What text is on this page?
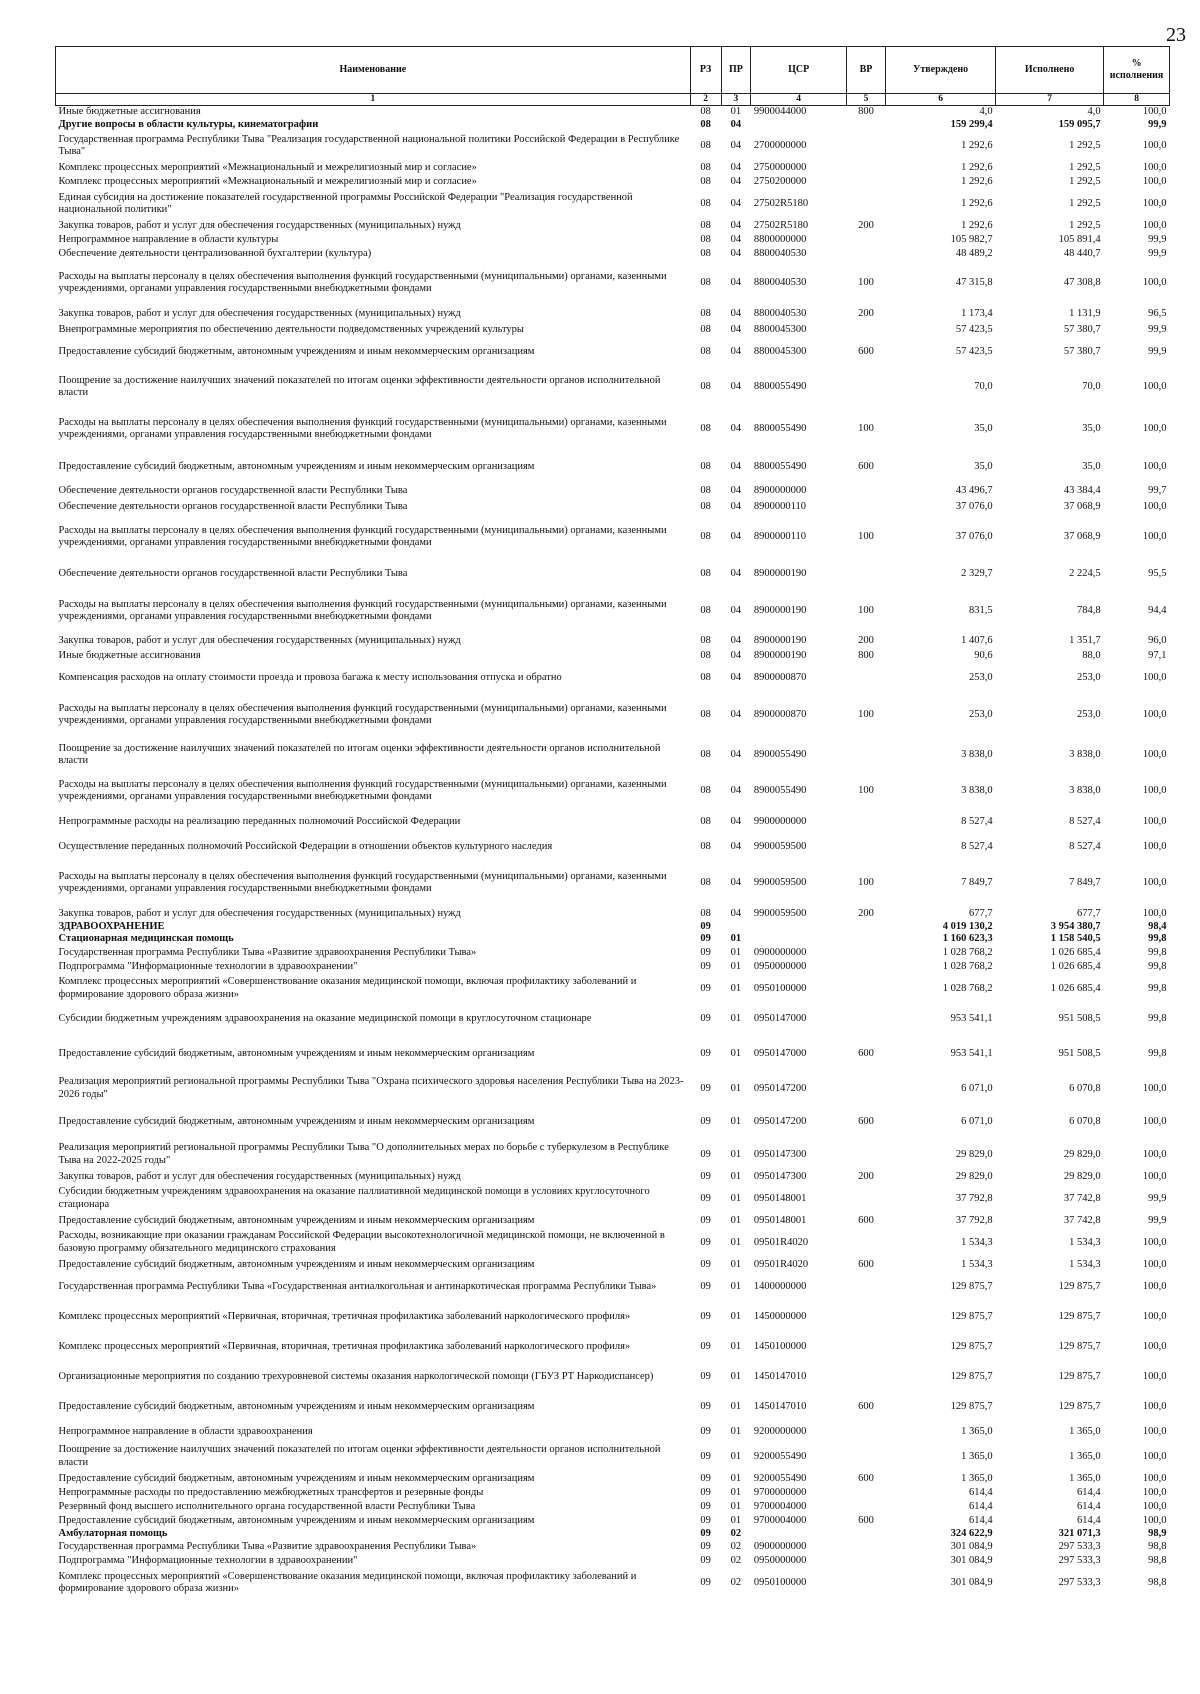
23
Наименование	РЗ	ПР	ЦСР	ВР	Утверждено	Исполнено	% исполнения
1	2	3	4	5	6	7	8
Иные бюджетные ассигнования	08	01	9900044000	800	4,0	4,0	100,0
Другие вопросы в области культуры, кинематографии	08	04			159 299,4	159 095,7	99,9
Государственная программа Республики Тыва "Реализация государственной национальной политики Российской Федерации в Республике Тыва"	08	04	2700000000		1 292,6	1 292,5	100,0
Комплекс процессных мероприятий «Межнациональный и межрелигиозный мир и согласие»	08	04	2750000000		1 292,6	1 292,5	100,0
Комплекс процессных мероприятий «Межнациональный и межрелигиозный мир и согласие»	08	04	2750200000		1 292,6	1 292,5	100,0
Единая субсидия на достижение показателей государственной программы Российской Федерации "Реализация государственной национальной политики"	08	04	27502R5180		1 292,6	1 292,5	100,0
Закупка товаров, работ и услуг для обеспечения государственных (муниципальных) нужд	08	04	27502R5180	200	1 292,6	1 292,5	100,0
Непрограммное направление в области культуры	08	04	8800000000		105 982,7	105 891,4	99,9
Обеспечение деятельности централизованной бухгалтерии (культура)	08	04	8800040530		48 489,2	48 440,7	99,9
Расходы на выплаты персоналу в целях обеспечения выполнения функций государственными (муниципальными) органами, казенными учреждениями, органами управления государственными внебюджетными фондами	08	04	8800040530	100	47 315,8	47 308,8	100,0
Закупка товаров, работ и услуг для обеспечения государственных (муниципальных) нужд	08	04	8800040530	200	1 173,4	1 131,9	96,5
Внепрограммные мероприятия по обеспечению деятельности подведомственных учреждений культуры	08	04	8800045300		57 423,5	57 380,7	99,9
Предоставление субсидий бюджетным, автономным учреждениям и иным некоммерческим организациям	08	04	8800045300	600	57 423,5	57 380,7	99,9
Поощрение за достижение наилучших значений показателей по итогам оценки эффективности деятельности органов исполнительной власти	08	04	8800055490		70,0	70,0	100,0
Расходы на выплаты персоналу в целях обеспечения выполнения функций государственными (муниципальными) органами, казенными учреждениями, органами управления государственными внебюджетными фондами	08	04	8800055490	100	35,0	35,0	100,0
Предоставление субсидий бюджетным, автономным учреждениям и иным некоммерческим организациям	08	04	8800055490	600	35,0	35,0	100,0
Обеспечение деятельности органов государственной власти Республики Тыва	08	04	8900000000		43 496,7	43 384,4	99,7
Обеспечение деятельности органов государственной власти Республики Тыва	08	04	8900000110		37 076,0	37 068,9	100,0
Расходы на выплаты персоналу в целях обеспечения выполнения функций государственными (муниципальными) органами, казенными учреждениями, органами управления государственными внебюджетными фондами	08	04	8900000110	100	37 076,0	37 068,9	100,0
Обеспечение деятельности органов государственной власти Республики Тыва	08	04	8900000190		2 329,7	2 224,5	95,5
Расходы на выплаты персоналу в целях обеспечения выполнения функций государственными (муниципальными) органами, казенными учреждениями, органами управления государственными внебюджетными фондами	08	04	8900000190	100	831,5	784,8	94,4
Закупка товаров, работ и услуг для обеспечения государственных (муниципальных) нужд	08	04	8900000190	200	1 407,6	1 351,7	96,0
Иные бюджетные ассигнования	08	04	8900000190	800	90,6	88,0	97,1
Компенсация расходов на оплату стоимости проезда и провоза багажа к месту использования отпуска и обратно	08	04	8900000870		253,0	253,0	100,0
Расходы на выплаты персоналу в целях обеспечения выполнения функций государственными (муниципальными) органами, казенными учреждениями, органами управления государственными внебюджетными фондами	08	04	8900000870	100	253,0	253,0	100,0
Поощрение за достижение наилучших значений показателей по итогам оценки эффективности деятельности органов исполнительной власти	08	04	8900055490		3 838,0	3 838,0	100,0
Расходы на выплаты персоналу в целях обеспечения выполнения функций государственными (муниципальными) органами, казенными учреждениями, органами управления государственными внебюджетными фондами	08	04	8900055490	100	3 838,0	3 838,0	100,0
Непрограммные расходы на реализацию переданных полномочий Российской Федерации	08	04	9900000000		8 527,4	8 527,4	100,0
Осуществление переданных полномочий Российской Федерации в отношении объектов культурного наследия	08	04	9900059500		8 527,4	8 527,4	100,0
Расходы на выплаты персоналу в целях обеспечения выполнения функций государственными (муниципальными) органами, казенными учреждениями, органами управления государственными внебюджетными фондами	08	04	9900059500	100	7 849,7	7 849,7	100,0
Закупка товаров, работ и услуг для обеспечения государственных (муниципальных) нужд	08	04	9900059500	200	677,7	677,7	100,0
ЗДРАВООХРАНЕНИЕ	09				4 019 130,2	3 954 380,7	98,4
Стационарная медицинская помощь	09	01			1 160 623,3	1 158 540,5	99,8
Государственная программа Республики Тыва «Развитие здравоохранения Республики Тыва»	09	01	0900000000		1 028 768,2	1 026 685,4	99,8
Подпрограмма "Информационные технологии в здравоохранении"	09	01	0950000000		1 028 768,2	1 026 685,4	99,8
Комплекс процессных мероприятий «Совершенствование оказания медицинской помощи, включая профилактику заболеваний и формирование здорового образа жизни»	09	01	0950100000		1 028 768,2	1 026 685,4	99,8
Субсидии бюджетным учреждениям здравоохранения на оказание медицинской помощи в круглосуточном стационаре	09	01	0950147000		953 541,1	951 508,5	99,8
Предоставление субсидий бюджетным, автономным учреждениям и иным некоммерческим организациям	09	01	0950147000	600	953 541,1	951 508,5	99,8
Реализация мероприятий региональной программы Республики Тыва "Охрана психического здоровья населения Республики Тыва на 2023-2026 годы"	09	01	0950147200		6 071,0	6 070,8	100,0
Предоставление субсидий бюджетным, автономным учреждениям и иным некоммерческим организациям	09	01	0950147200	600	6 071,0	6 070,8	100,0
Реализация мероприятий региональной программы Республики Тыва "О дополнительных мерах по борьбе с туберкулезом в Республике Тыва на 2022-2025 годы"	09	01	0950147300		29 829,0	29 829,0	100,0
Закупка товаров, работ и услуг для обеспечения государственных (муниципальных) нужд	09	01	0950147300	200	29 829,0	29 829,0	100,0
Субсидии бюджетным учреждениям здравоохранения на оказание паллиативной медицинской помощи в условиях круглосуточного стационара	09	01	0950148001		37 792,8	37 742,8	99,9
Предоставление субсидий бюджетным, автономным учреждениям и иным некоммерческим организациям	09	01	0950148001	600	37 792,8	37 742,8	99,9
Расходы, возникающие при оказании гражданам Российской Федерации высокотехнологичной медицинской помощи, не включенной в базовую программу обязательного медицинского страхования	09	01	09501R4020		1 534,3	1 534,3	100,0
Предоставление субсидий бюджетным, автономным учреждениям и иным некоммерческим организациям	09	01	09501R4020	600	1 534,3	1 534,3	100,0
Государственная программа Республики Тыва «Государственная антиалкогольная и антинаркотическая программа Республики Тыва»	09	01	1400000000		129 875,7	129 875,7	100,0
Комплекс процессных мероприятий «Первичная, вторичная, третичная профилактика заболеваний наркологического профиля»	09	01	1450000000		129 875,7	129 875,7	100,0
Комплекс процессных мероприятий «Первичная, вторичная, третичная профилактика заболеваний наркологического профиля»	09	01	1450100000		129 875,7	129 875,7	100,0
Организационные мероприятия по созданию трехуровневой системы оказания наркологической помощи (ГБУЗ РТ Наркодиспансер)	09	01	1450147010		129 875,7	129 875,7	100,0
Предоставление субсидий бюджетным, автономным учреждениям и иным некоммерческим организациям	09	01	1450147010	600	129 875,7	129 875,7	100,0
Непрограммное направление в области здравоохранения	09	01	9200000000		1 365,0	1 365,0	100,0
Поощрение за достижение наилучших значений показателей по итогам оценки эффективности деятельности органов исполнительной власти	09	01	9200055490		1 365,0	1 365,0	100,0
Предоставление субсидий бюджетным, автономным учреждениям и иным некоммерческим организациям	09	01	9200055490	600	1 365,0	1 365,0	100,0
Непрограммные расходы по предоставлению межбюджетных трансфертов и резервные фонды	09	01	9700000000		614,4	614,4	100,0
Резервный фонд высшего исполнительного органа государственной власти Республики Тыва	09	01	9700004000		614,4	614,4	100,0
Предоставление субсидий бюджетным, автономным учреждениям и иным некоммерческим организациям	09	01	9700004000	600	614,4	614,4	100,0
Амбулаторная помощь	09	02			324 622,9	321 071,3	98,9
Государственная программа Республики Тыва «Развитие здравоохранения Республики Тыва»	09	02	0900000000		301 084,9	297 533,3	98,8
Подпрограмма "Информационные технологии в здравоохранении"	09	02	0950000000		301 084,9	297 533,3	98,8
Комплекс процессных мероприятий «Совершенствование оказания медицинской помощи, включая профилактику заболеваний и формирование здорового образа жизни»	09	02	0950100000		301 084,9	297 533,3	98,8
